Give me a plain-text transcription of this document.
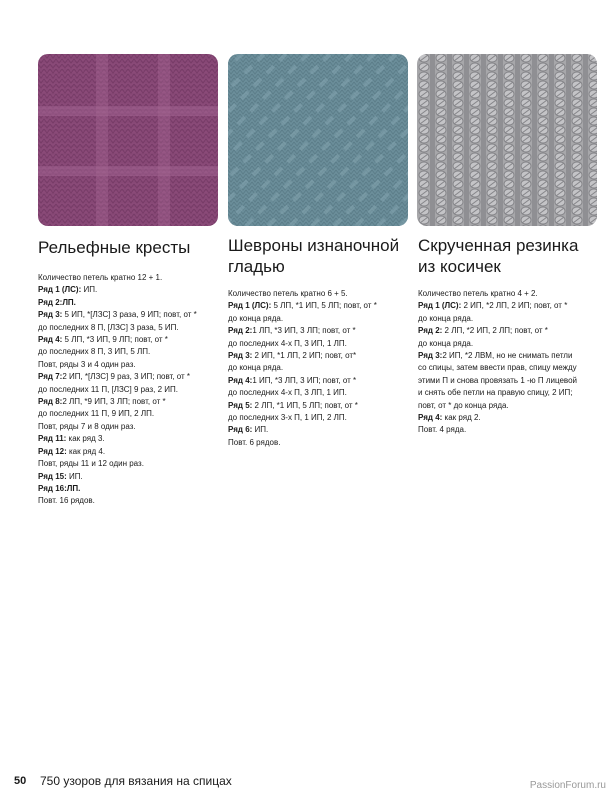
Рельефные кресты
Количество петель кратно 12 + 1.
Ряд 1 (ЛС): ИП.
Ряд 2:ЛП.
Ряд 3: 5 ИП, *[ЛЗС] 3 раза, 9 ИП; повт, от *
до последних 8 П, [ЛЗС] 3 раза, 5 ИП.
Ряд 4: 5 ЛП, *3 ИП, 9 ЛП; повт, от *
до последних 8 П, 3 ИП, 5 ЛП.
Повт, ряды 3 и 4 один раз.
Ряд 7:2 ИП, *[ЛЗС] 9 раз, 3 ИП; повт, от *
до последних 11 П, [ЛЗС] 9 раз, 2 ИП.
Ряд 8:2 ЛП, *9 ИП, 3 ЛП; повт, от *
до последних 11 П, 9 ИП, 2 ЛП.
Повт, ряды 7 и 8 один раз.
Ряд 11: как ряд 3.
Ряд 12: как ряд 4.
Повт, ряды 11 и 12 один раз.
Ряд 15: ИП.
Ряд 16:ЛП.
Повт. 16 рядов.
Шевроны изнаночной
гладью
Количество петель кратно 6 + 5.
Ряд 1 (ЛС): 5 ЛП, *1 ИП, 5 ЛП; повт, от *
до конца ряда.
Ряд 2:1 ЛП, *3 ИП, 3 ЛП; повт, от *
до последних 4-х П, 3 ИП, 1 ЛП.
Ряд 3: 2 ИП, *1 ЛП, 2 ИП; повт, от*
до конца ряда.
Ряд 4:1 ИП, *3 ЛП, 3 ИП; повт, от *
до последних 4-х П, 3 ЛП, 1 ИП.
Ряд 5: 2 ЛП, *1 ИП, 5 ЛП; повт, от *
до последних 3-х П, 1 ИП, 2 ЛП.
Ряд 6: ИП.
Повт. 6 рядов.
Скрученная резинка
из косичек
Количество петель кратно 4 + 2.
Ряд 1 (ЛС): 2 ИП, *2 ЛП, 2 ИП; повт, от *
до конца ряда.
Ряд 2: 2 ЛП, *2 ИП, 2 ЛП; повт, от *
до конца ряда.
Ряд 3:2 ИП, *2 ЛВМ, но не снимать петли
со спицы, затем ввести прав, спицу между
этими П и снова провязать 1 -ю П лицевой
и снять обе петли на правую спицу, 2 ИП;
повт, от * до конца ряда.
Ряд 4: как ряд 2.
Повт. 4 ряда.
50 750 узоров для вязания на спицах	PassionForum.ru
